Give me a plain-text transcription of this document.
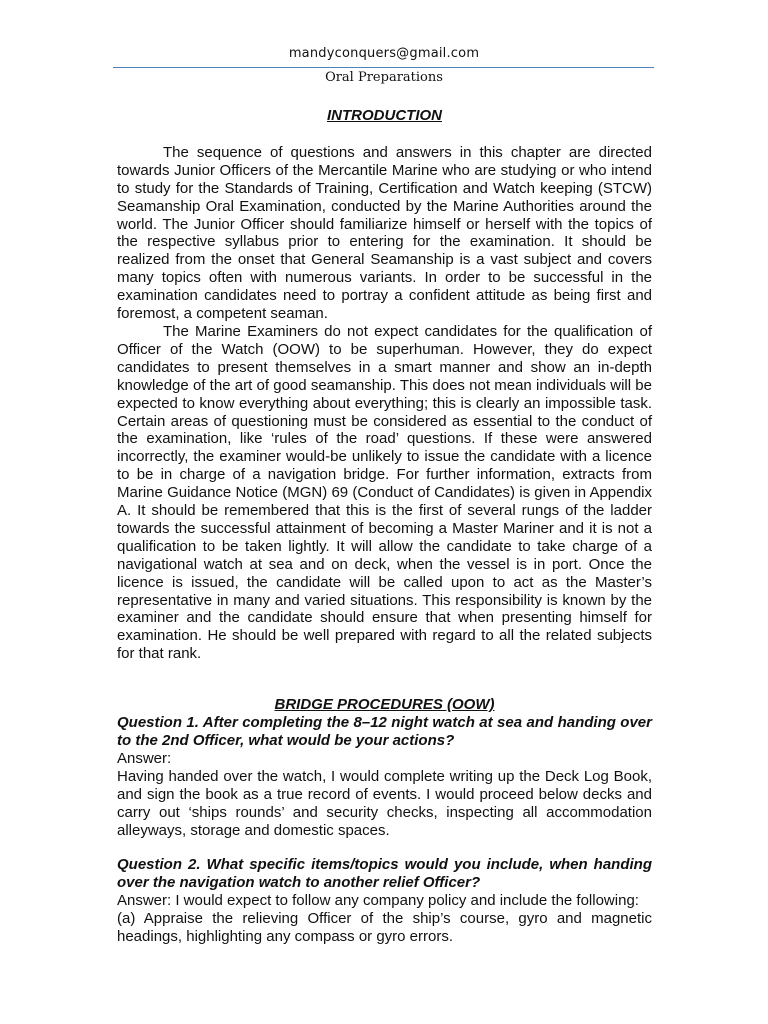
mandyconquers@gmail.com
Oral Preparations
INTRODUCTION

The sequence of questions and answers in this chapter are directed towards Junior Officers of the Mercantile Marine who are studying or who intend to study for the Standards of Training, Certification and Watch keeping (STCW) Seamanship Oral Examination, conducted by the Marine Authorities around the world. The Junior Officer should familiarize himself or herself with the topics of the respective syllabus prior to entering for the examination. It should be realized from the onset that General Seamanship is a vast subject and covers many topics often with numerous variants. In order to be successful in the examination candidates need to portray a confident attitude as being first and foremost, a competent seaman.

The Marine Examiners do not expect candidates for the qualification of Officer of the Watch (OOW) to be superhuman. However, they do expect candidates to present themselves in a smart manner and show an in-depth knowledge of the art of good seamanship. This does not mean individuals will be expected to know everything about everything; this is clearly an impossible task. Certain areas of questioning must be considered as essential to the conduct of the examination, like ‘rules of the road’ questions. If these were answered incorrectly, the examiner would-be unlikely to issue the candidate with a licence to be in charge of a navigation bridge. For further information, extracts from Marine Guidance Notice (MGN) 69 (Conduct of Candidates) is given in Appendix A. It should be remembered that this is the first of several rungs of the ladder towards the successful attainment of becoming a Master Mariner and it is not a qualification to be taken lightly. It will allow the candidate to take charge of a navigational watch at sea and on deck, when the vessel is in port. Once the licence is issued, the candidate will be called upon to act as the Master’s representative in many and varied situations. This responsibility is known by the examiner and the candidate should ensure that when presenting himself for examination. He should be well prepared with regard to all the related subjects for that rank.

BRIDGE PROCEDURES (OOW)

Question 1. After completing the 8–12 night watch at sea and handing over to the 2nd Officer, what would be your actions?

Answer:

Having handed over the watch, I would complete writing up the Deck Log Book, and sign the book as a true record of events. I would proceed below decks and carry out ‘ships rounds’ and security checks, inspecting all accommodation alleyways, storage and domestic spaces.

Question 2. What specific items/topics would you include, when handing over the navigation watch to another relief Officer?

Answer: I would expect to follow any company policy and include the following:

(a) Appraise the relieving Officer of the ship’s course, gyro and magnetic headings, highlighting any compass or gyro errors.
